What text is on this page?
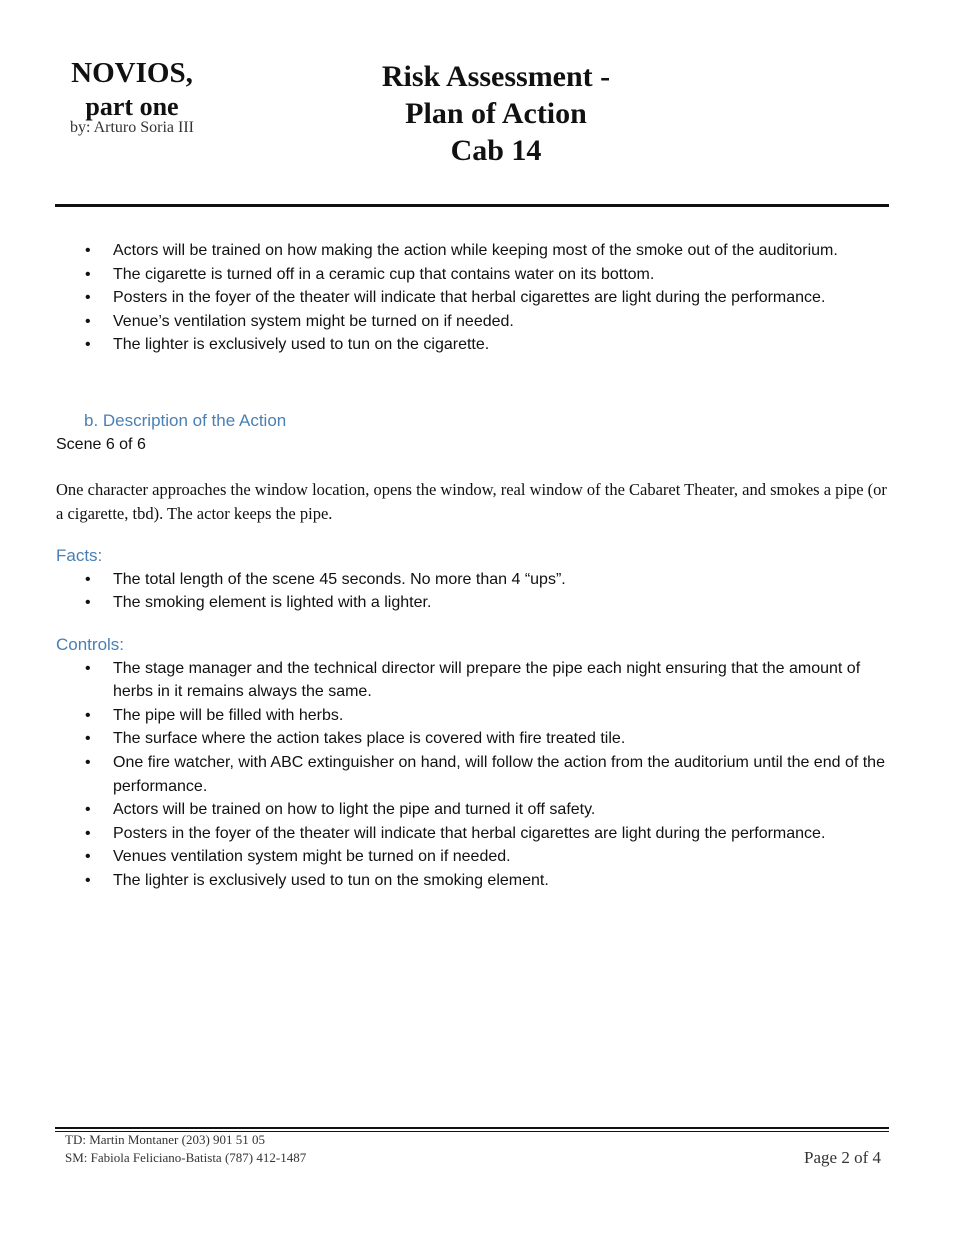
NOVIOS,
part one
by: Arturo Soria III
Risk Assessment -
Plan of Action
Cab 14
• Actors will be trained on how making the action while keeping most of the smoke out of the auditorium.
• The cigarette is turned off in a ceramic cup that contains water on its bottom.
• Posters in the foyer of the theater will indicate that herbal cigarettes are light during the performance.
• Venue’s ventilation system might be turned on if needed.
• The lighter is exclusively used to tun on the cigarette.
b. Description of the Action
Scene 6 of 6
One character approaches the window location, opens the window, real window of the Cabaret Theater, and smokes a pipe (or a cigarette, tbd). The actor keeps the pipe.
Facts:
• The total length of the scene 45 seconds. No more than 4 “ups”.
• The smoking element is lighted with a lighter.
Controls:
• The stage manager and the technical director will prepare the pipe each night ensuring that the amount of herbs in it remains always the same.
• The pipe will be filled with herbs.
• The surface where the action takes place is covered with fire treated tile.
• One fire watcher, with ABC extinguisher on hand, will follow the action from the auditorium until the end of the performance.
• Actors will be trained on how to light the pipe and turned it off safety.
• Posters in the foyer of the theater will indicate that herbal cigarettes are light during the performance.
• Venues ventilation system might be turned on if needed.
• The lighter is exclusively used to tun on the smoking element.
TD: Martin Montaner (203) 901 51 05
SM: Fabiola Feliciano-Batista (787) 412-1487	Page 2 of 4
